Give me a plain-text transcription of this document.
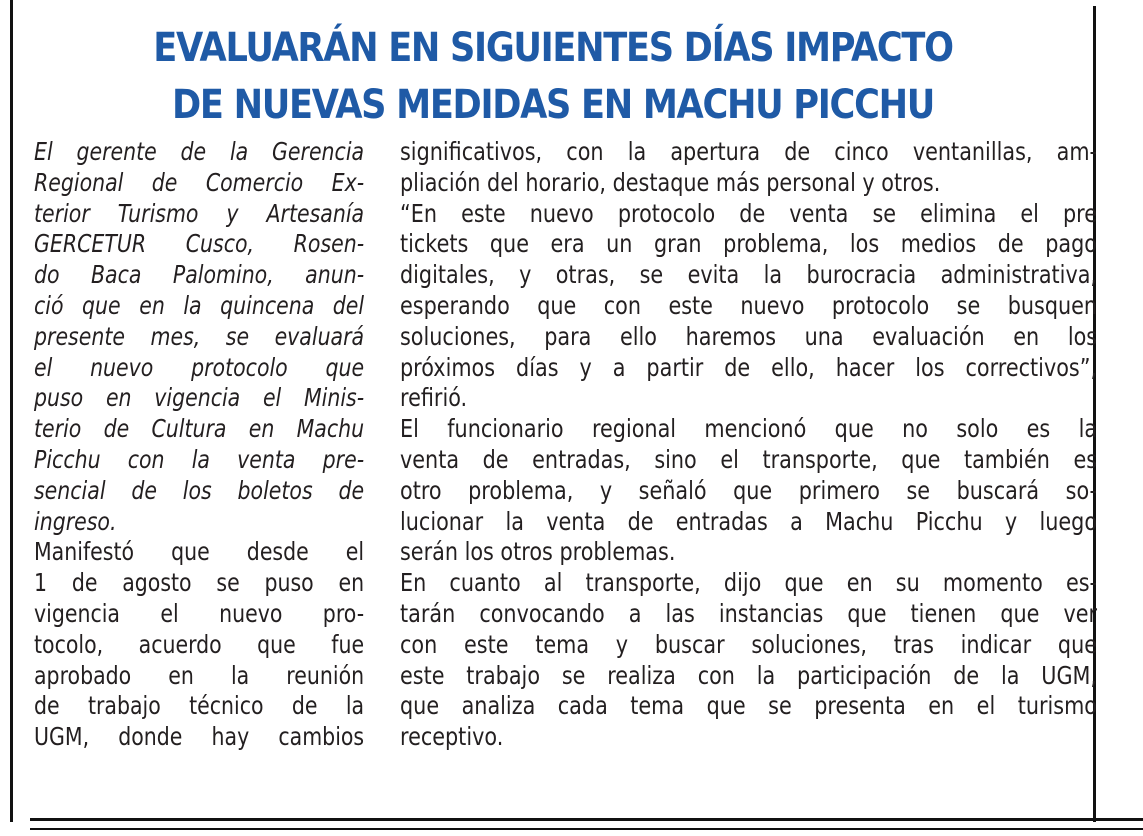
EVALUARÁN EN SIGUIENTES DÍAS IMPACTO
DE NUEVAS MEDIDAS EN MACHU PICCHU
El gerente de la Gerencia
Regional de Comercio Ex-
terior Turismo y Artesanía
GERCETUR Cusco, Rosen-
do Baca Palomino, anun-
ció que en la quincena del
presente mes, se evaluará
el nuevo protocolo que
puso en vigencia el Minis-
terio de Cultura en Machu
Picchu con la venta pre-
sencial de los boletos de
ingreso.
Manifestó que desde el
1 de agosto se puso en
vigencia el nuevo pro-
tocolo, acuerdo que fue
aprobado en la reunión
de trabajo técnico de la
UGM, donde hay cambios
significativos, con la apertura de cinco ventanillas, am-
pliación del horario, destaque más personal y otros.
“En este nuevo protocolo de venta se elimina el pre
tickets que era un gran problema, los medios de pago
digitales, y otras, se evita la burocracia administrativa,
esperando que con este nuevo protocolo se busquen
soluciones, para ello haremos una evaluación en los
próximos días y a partir de ello, hacer los correctivos”,
refirió.
El funcionario regional mencionó que no solo es la
venta de entradas, sino el transporte, que también es
otro problema, y señaló que primero se buscará so-
lucionar la venta de entradas a Machu Picchu y luego
serán los otros problemas.
En cuanto al transporte, dijo que en su momento es-
tarán convocando a las instancias que tienen que ver
con este tema y buscar soluciones, tras indicar que
este trabajo se realiza con la participación de la UGM,
que analiza cada tema que se presenta en el turismo
receptivo.
